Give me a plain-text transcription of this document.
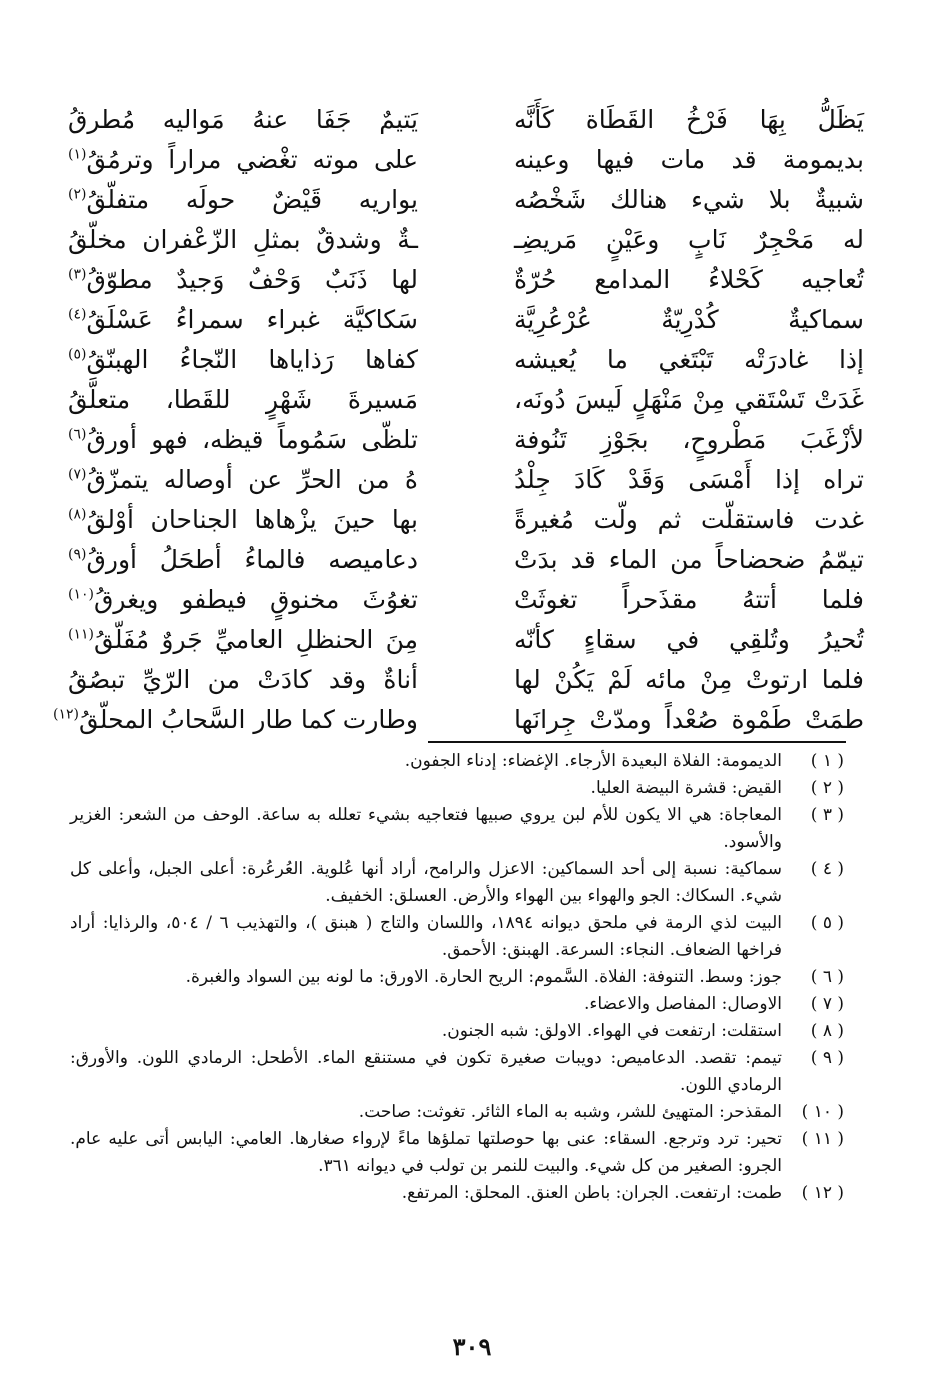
يَظَلُّ بِهَا فَرْخُ القَطَاة كَأَنَّه
يَتيمٌ جَفَا عنهُ مَواليه مُطرقُ
بديمومة قد مات فيها وعينه
على موته تغْضي مراراً وترمُقُ$^{(١)}$
شبيةٌ بلا شيء هنالك شَخْصُه
يواريه قَيْضٌ حولَه متفلّقُ$^{(٢)}$
له مَحْجِرٌ نَابٍ وعَيْنٍ مَريضِـ
ـةٌ وشدقٌ بمثلِ الزّعْفران مخلّقُ
تُعاجيه كَحْلاءُ المدامع حُرّةٌ
لها ذَنَبٌ وَحْفٌ وَجيدٌ مطوّقُ$^{(٣)}$
سماكيةٌ كُدْرِيّةٌ عُرْعُرِيَّة
سَكاكيَّة غبراء سمراءُ عَسْلَقُ$^{(٤)}$
إذا غادرَتْه تَبْتَغي ما يُعيشه
كفاها رَذاياها النّجاءُ الهبنّقُ$^{(٥)}$
غَدَتْ تَسْتَقي مِنْ مَنْهَلٍ لَيسَ دُونَه،
مَسيرةَ شَهْرٍ للقَطا، متعلَّقُ
لأزْغَبَ مَطْروحٍ، بجَوْزِ تَنُوفة
تلظّى سَمُوماً قيظه، فهو أورقُ$^{(٦)}$
تراه إذا أَمْسَى وَقَدْ كَادَ جِلْدُ
هُ من الحرِّ عن أوصاله يتمزّقُ$^{(٧)}$
غدت فاستقلّت ثم ولّت مُغيرةً
بها حينَ يزْهاها الجناحان أوْلقُ$^{(٨)}$
تيمّمُ ضحضاحاً من الماء قد بدَتْ
دعاميصه فالماءُ أطحَلُ أورقُ$^{(٩)}$
فلما أتتهُ مقذَحراً تغوثَتْ
تغوُثَ مخنوقٍ فيطفو ويغرقُ$^{(١٠)}$
تُحيرُ وتُلقِي في سقاءٍ كأنّه
مِنَ الحنظلِ العاميِّ جَروٌ مُفَلّقُ$^{(١١)}$
فلما ارتوتْ مِنْ مائه لَمْ يَكُنْ لها
أناةٌ وقد كادَتْ من الرّيِّ تبصُقُ
طمَتْ طَمْوة صُعْداً ومدّتْ جِرانَها
وطارت كما طار السَّحابُ المحلّقُ$^{(١٢)}$
( ١ )
الديمومة: الفلاة البعيدة الأرجاء. الإغضاء: إدناء الجفون.
( ٢ )
القيض: قشرة البيضة العليا.
( ٣ )
المعاجاة: هي الا يكون للأم لبن يروي صبيها فتعاجيه بشيء تعلله به ساعة. الوحف من الشعر: الغزير والأسود.
( ٤ )
سماكية: نسبة إلى أحد السماكين: الاعزل والرامح، أراد أنها عُلوية. العُرعُرة: أعلى الجبل، وأعلى كل شيء. السكاك: الجو والهواء بين الهواء والأرض. العسلق: الخفيف.
( ٥ )
البيت لذي الرمة في ملحق ديوانه ١٨٩٤، واللسان والتاج ( هبنق )، والتهذيب ٦ / ٥٠٤، والرذايا: أراد فراخها الضعاف. النجاء: السرعة. الهبنق: الأحمق.
( ٦ )
جوز: وسط. التنوفة: الفلاة. السَّموم: الريح الحارة. الاورق: ما لونه بين السواد والغبرة.
( ٧ )
الاوصال: المفاصل والاعضاء.
( ٨ )
استقلت: ارتفعت في الهواء. الاولق: شبه الجنون.
( ٩ )
تيمم: تقصد. الدعاميص: دويبات صغيرة تكون في مستنقع الماء. الأطحل: الرمادي اللون. والأورق: الرمادي اللون.
( ١٠ )
المقذحر: المتهيئ للشر، وشبه به الماء الثائر. تغوثت: صاحت.
( ١١ )
تحير: ترد وترجع. السقاء: عنى بها حوصلتها تملؤها ماءً لإرواء صغارها. العامي: اليابس أتى عليه عام. الجرو: الصغير من كل شيء. والبيت للنمر بن تولب في ديوانه ٣٦١.
( ١٢ )
طمت: ارتفعت. الجران: باطن العنق. المحلق: المرتفع.
٣٠٩
